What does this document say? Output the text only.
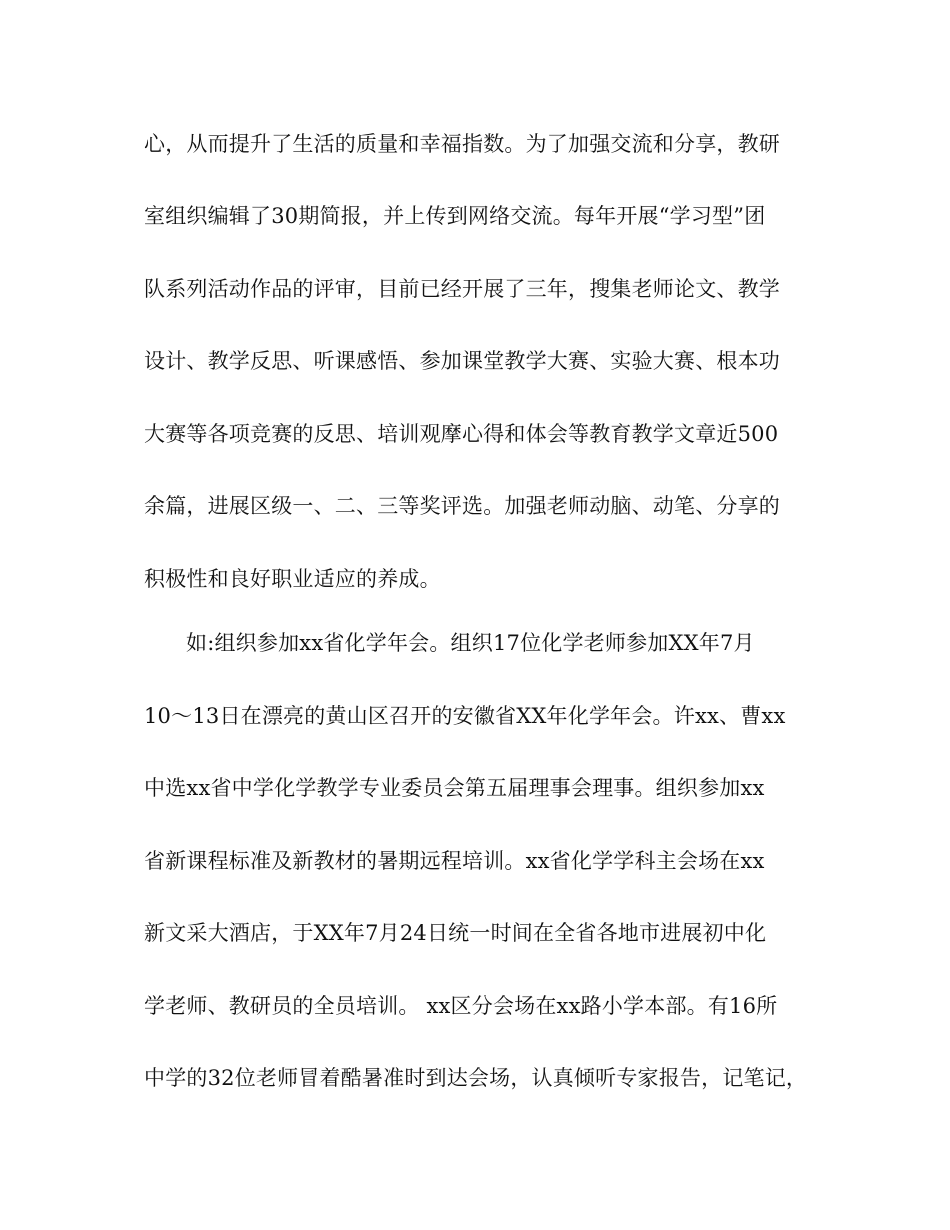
心，从而提升了生活的质量和幸福指数。为了加强交流和分享，教研
室组织编辑了30期简报，并上传到网络交流。每年开展“学习型”团
队系列活动作品的评审，目前已经开展了三年，搜集老师论文、教学
设计、教学反思、听课感悟、参加课堂教学大赛、实验大赛、根本功
大赛等各项竞赛的反思、培训观摩心得和体会等教育教学文章近500
余篇，进展区级一、二、三等奖评选。加强老师动脑、动笔、分享的
积极性和良好职业适应的养成。
如:组织参加xx省化学年会。组织17位化学老师参加XX年7月
10～13日在漂亮的黄山区召开的安徽省XX年化学年会。许xx、曹xx
中选xx省中学化学教学专业委员会第五届理事会理事。组织参加xx
省新课程标准及新教材的暑期远程培训。xx省化学学科主会场在xx
新文采大酒店，于XX年7月24日统一时间在全省各地市进展初中化
学老师、教研员的全员培训。 xx区分会场在xx路小学本部。有16所
中学的32位老师冒着酷暑准时到达会场，认真倾听专家报告，记笔记，
